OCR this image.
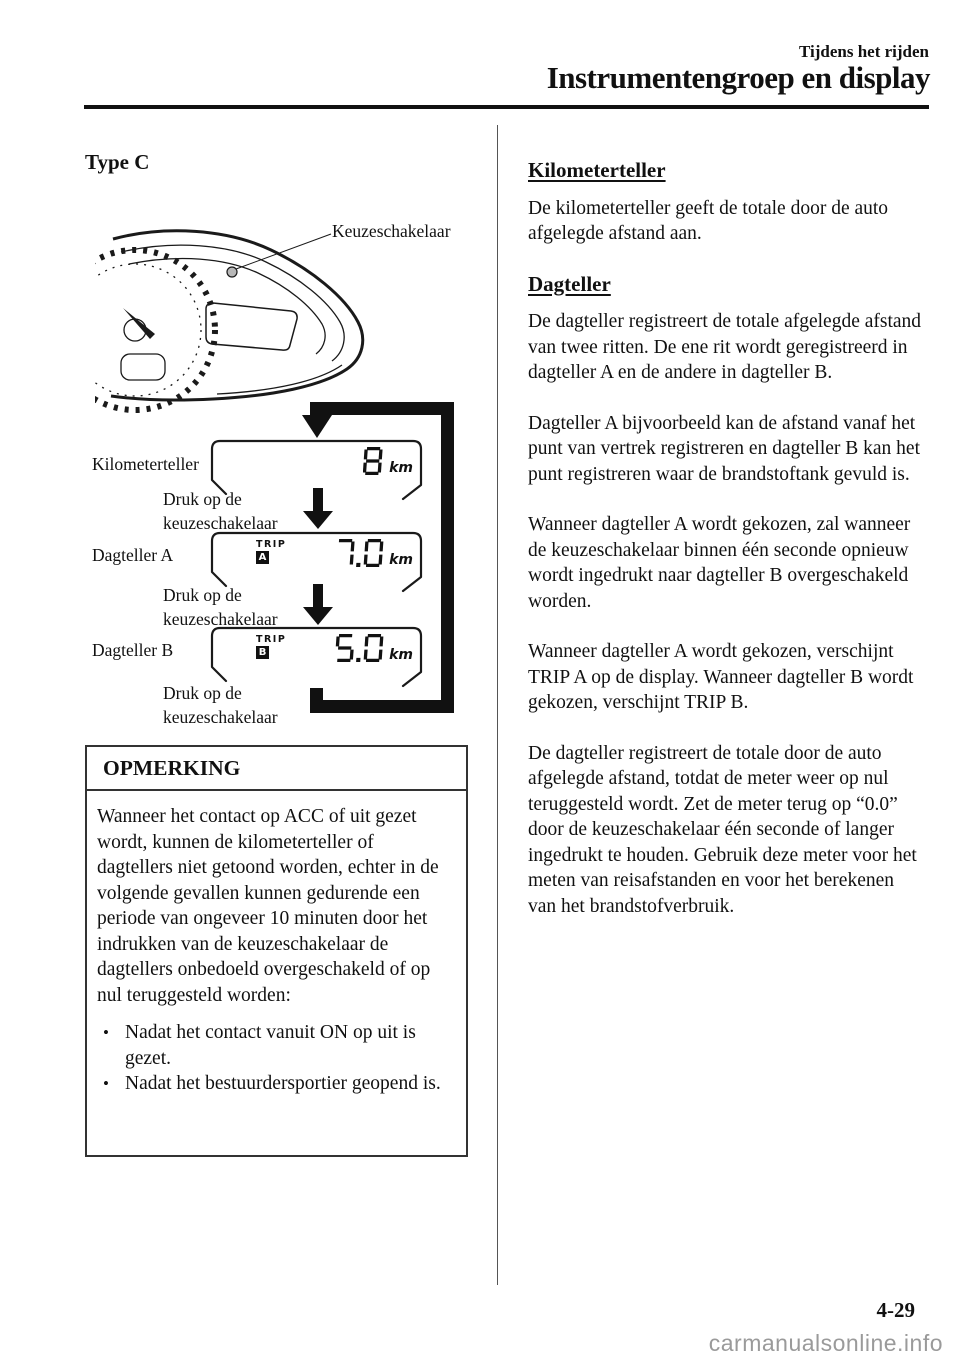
Tijdens het rijden
Instrumentengroep en display
Type C
Keuzeschakelaar
Kilometerteller
Dagteller A
Dagteller B
Druk op de
keuzeschakelaar
Druk op de
keuzeschakelaar
Druk op de
keuzeschakelaar
km
TRIP
A	km
TRIP
B	km
OPMERKING
Wanneer het contact op ACC of uit gezet wordt, kunnen de kilometerteller of dagtellers niet getoond worden, echter in de volgende gevallen kunnen gedurende een periode van ongeveer 10 minuten door het indrukken van de keuzeschakelaar de dagtellers onbedoeld overgeschakeld of op nul teruggesteld worden:
• Nadat het contact vanuit ON op uit is gezet.
• Nadat het bestuurdersportier geopend is.
Kilometerteller

De kilometerteller geeft de totale door de auto afgelegde afstand aan.

Dagteller

De dagteller registreert de totale afgelegde afstand van twee ritten. De ene rit wordt geregistreerd in dagteller A en de andere in dagteller B.

Dagteller A bijvoorbeeld kan de afstand vanaf het punt van vertrek registreren en dagteller B kan het punt registreren waar de brandstoftank gevuld is.

Wanneer dagteller A wordt gekozen, zal wanneer de keuzeschakelaar binnen één seconde opnieuw wordt ingedrukt naar dagteller B overgeschakeld worden.

Wanneer dagteller A wordt gekozen, verschijnt TRIP A op de display. Wanneer dagteller B wordt gekozen, verschijnt TRIP B.

De dagteller registreert de totale door de auto afgelegde afstand, totdat de meter weer op nul teruggesteld wordt. Zet de meter terug op “0.0” door de keuzeschakelaar één seconde of langer ingedrukt te houden. Gebruik deze meter voor het meten van reisafstanden en voor het berekenen van het brandstofverbruik.

4-29
carmanualsonline.info
